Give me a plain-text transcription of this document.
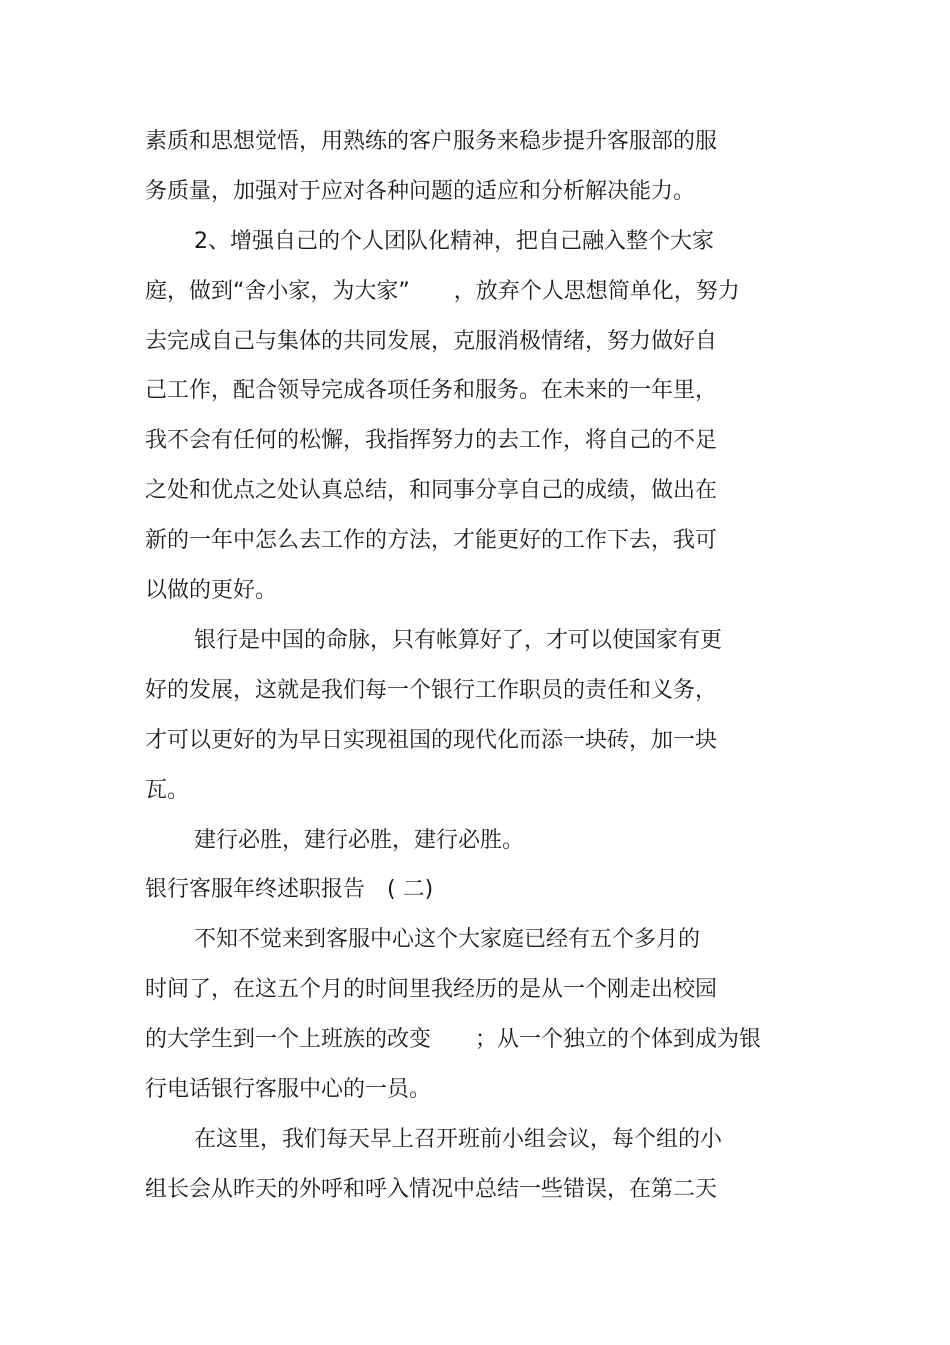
素质和思想觉悟，用熟练的客户服务来稳步提升客服部的服
务质量，加强对于应对各种问题的适应和分析解决能力。
2、增强自己的个人团队化精神，把自己融入整个大家
庭，做到“舍小家，为大家”　　，放弃个人思想简单化，努力
去完成自己与集体的共同发展，克服消极情绪，努力做好自
己工作，配合领导完成各项任务和服务。在未来的一年里，
我不会有任何的松懈，我指挥努力的去工作，将自己的不足
之处和优点之处认真总结，和同事分享自己的成绩，做出在
新的一年中怎么去工作的方法，才能更好的工作下去，我可
以做的更好。
银行是中国的命脉，只有帐算好了，才可以使国家有更
好的发展，这就是我们每一个银行工作职员的责任和义务，
才可以更好的为早日实现祖国的现代化而添一块砖，加一块
瓦。
建行必胜，建行必胜，建行必胜。
银行客服年终述职报告　( 二)
不知不觉来到客服中心这个大家庭已经有五个多月的
时间了，在这五个月的时间里我经历的是从一个刚走出校园
的大学生到一个上班族的改变　　；从一个独立的个体到成为银
行电话银行客服中心的一员。
在这里，我们每天早上召开班前小组会议，每个组的小
组长会从昨天的外呼和呼入情况中总结一些错误，在第二天
